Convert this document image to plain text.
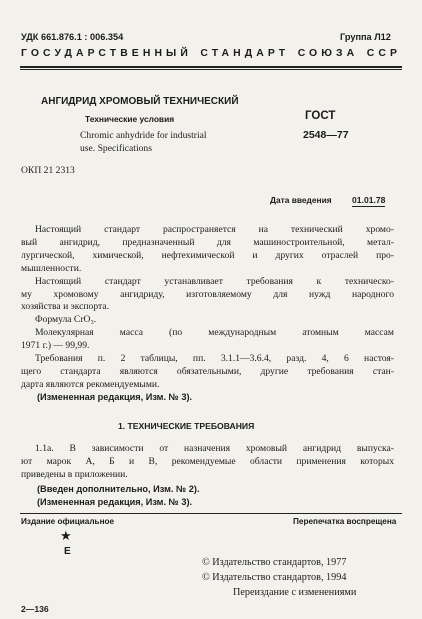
УДК 661.876.1 : 006.354	Группа Л12
ГОСУДАРСТВЕННЫЙ СТАНДАРТ СОЮЗА ССР
АНГИДРИД ХРОМОВЫЙ ТЕХНИЧЕСКИЙ
Технические условия
Chromic anhydride for industrial
use. Specifications
ГОСТ
2548—77
ОКП 21 2313
Дата введения 01.01.78
Настоящий стандарт распространяется на технический хромо-
вый ангидрид, предназначенный для машиностроительной, метал-
лургической, химической, нефтехимической и других отраслей про-
мышленности.
Настоящий стандарт устанавливает требования к техническо-
му хромовому ангидриду, изготовляемому для нужд народного
хозяйства и экспорта.
Формула CrO₃.
Молекулярная масса (по международным атомным массам
1971 г.) — 99,99.
Требования п. 2 таблицы, пп. 3.1.1—3.6.4, разд. 4, 6 настоя-
щего стандарта являются обязательными, другие требования стан-
дарта являются рекомендуемыми.
(Измененная редакция, Изм. № 3).
1. ТЕХНИЧЕСКИЕ ТРЕБОВАНИЯ
1.1а. В зависимости от назначения хромовый ангидрид выпуска-
ют марок А, Б и В, рекомендуемые области применения которых
приведены в приложении.
(Введен дополнительно, Изм. № 2).
(Измененная редакция, Изм. № 3).
Издание официальное	Перепечатка воспрещена
★
Е
© Издательство стандартов, 1977
© Издательство стандартов, 1994
Переиздание с изменениями
2—136
